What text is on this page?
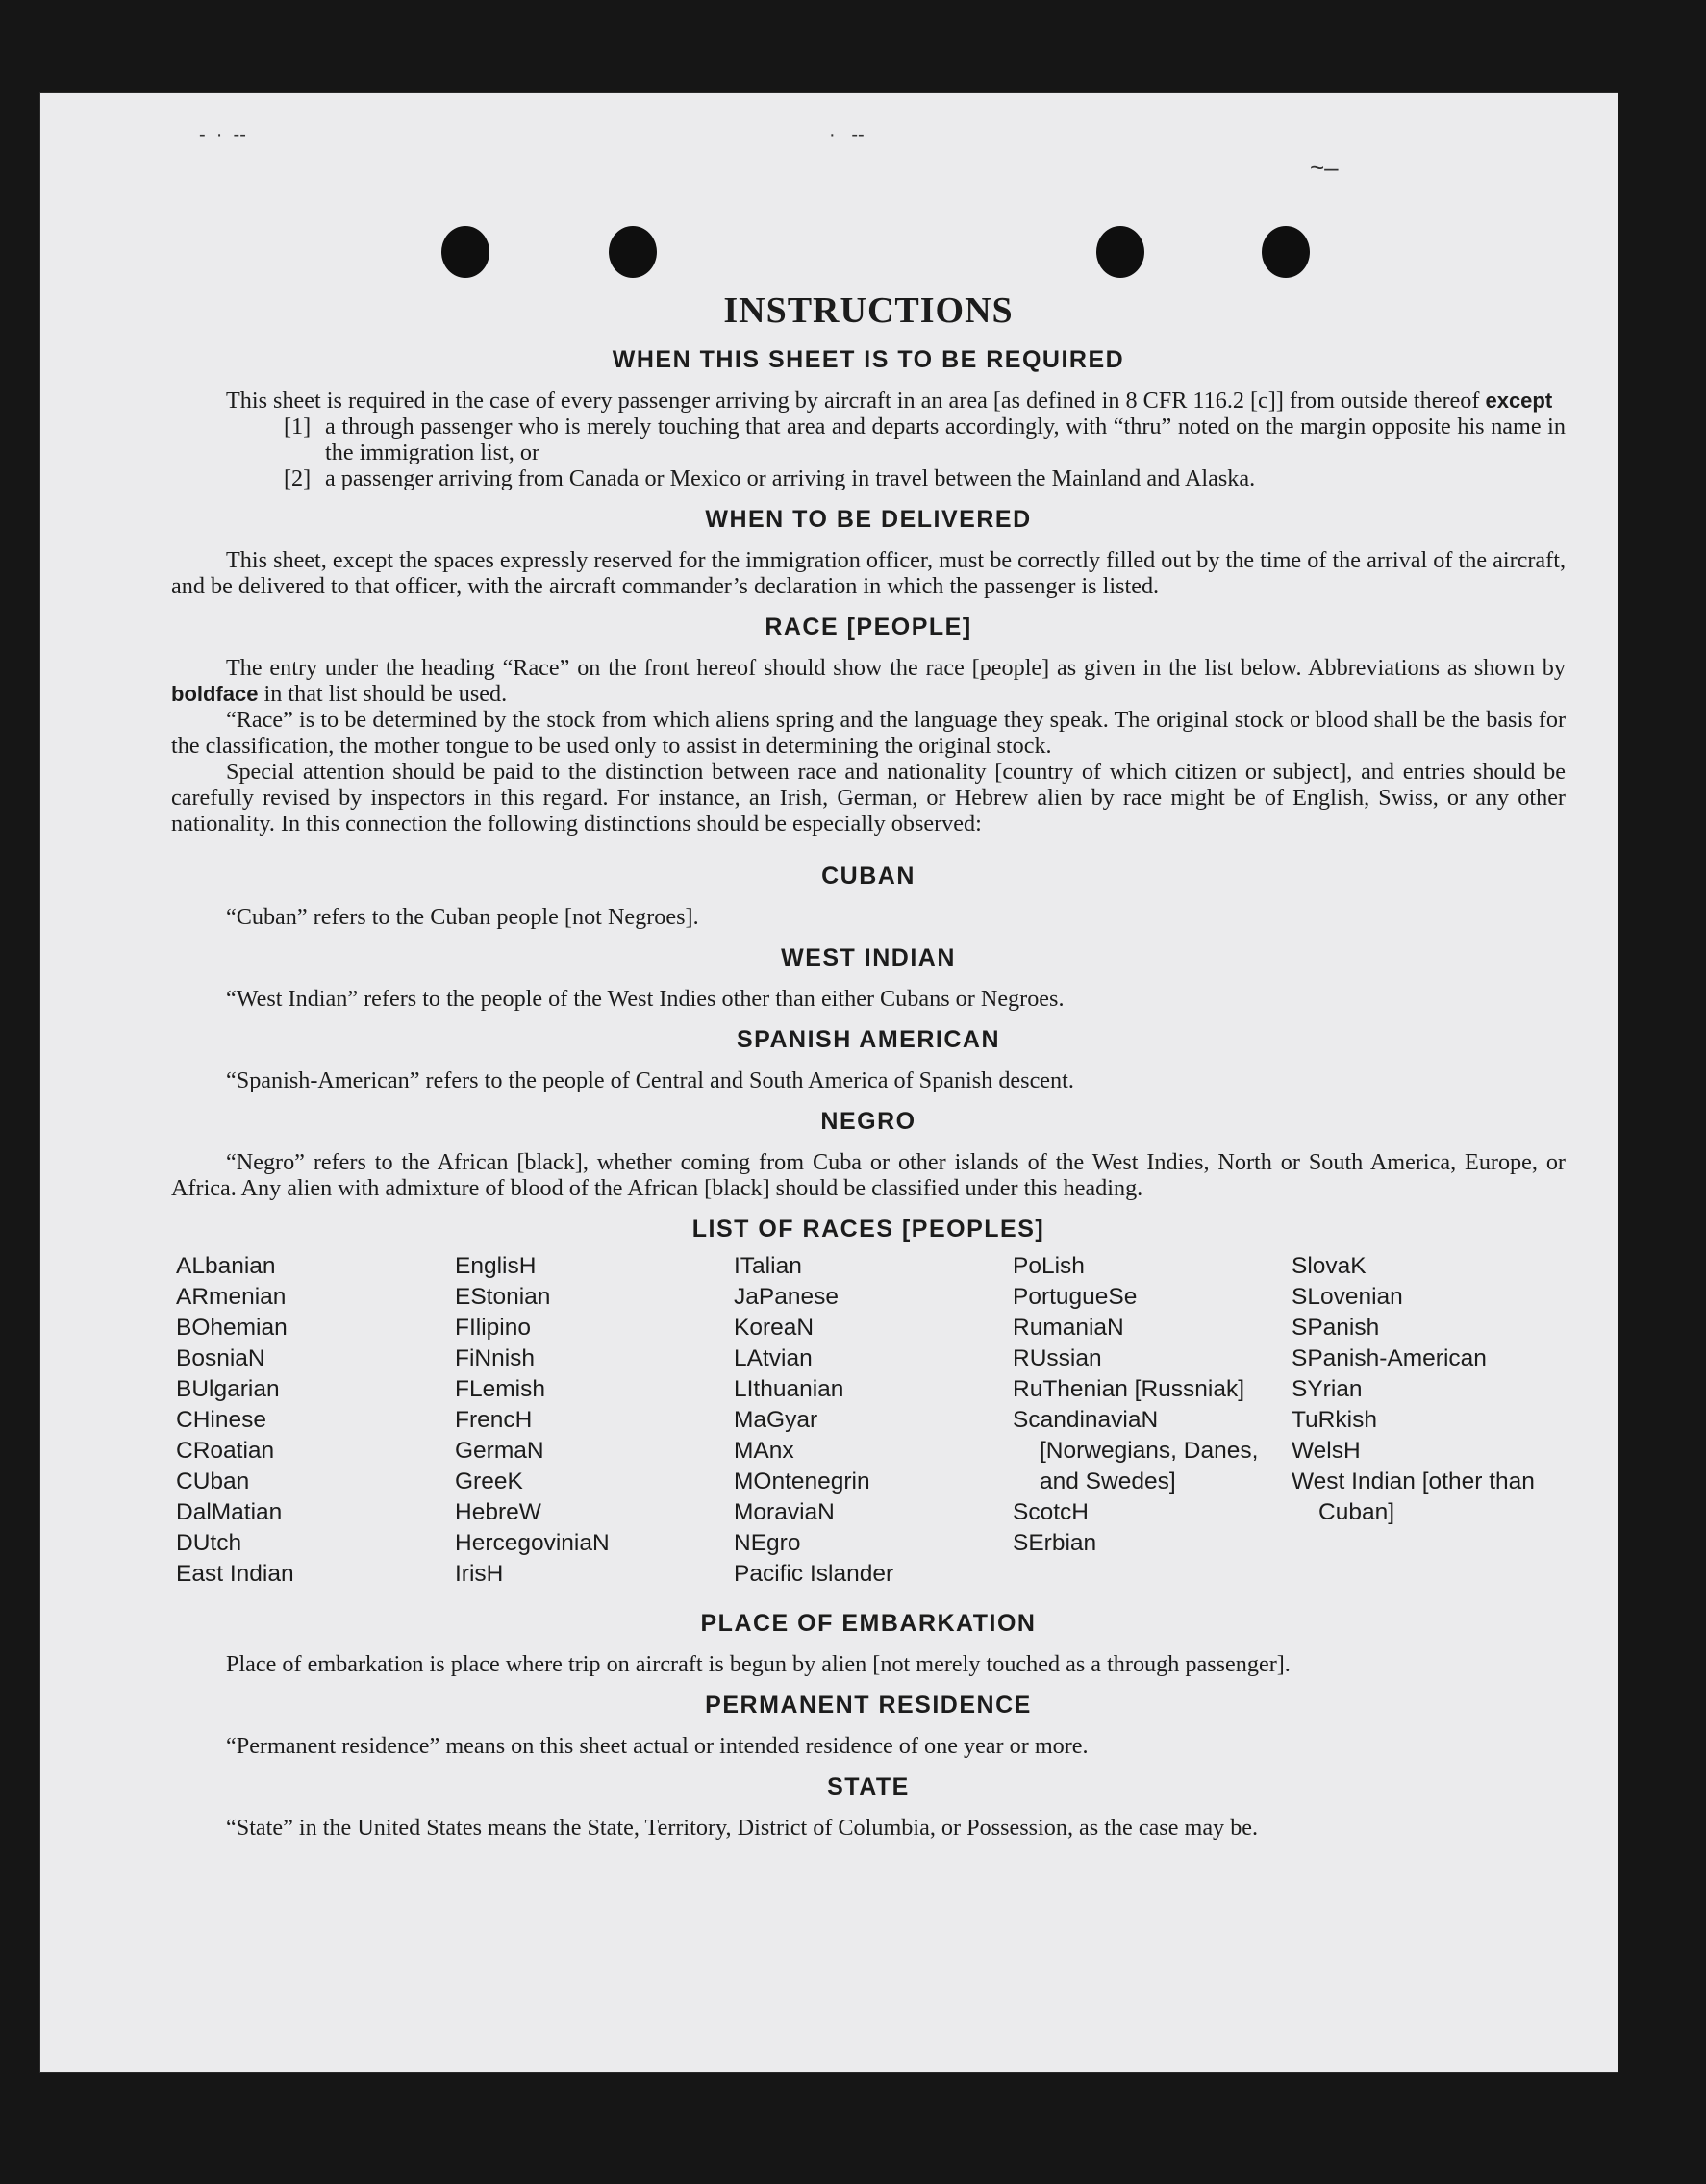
‐  ·  -‐	·   --
~‒
INSTRUCTIONS
WHEN THIS SHEET IS TO BE REQUIRED

This sheet is required in the case of every passenger arriving by aircraft in an area [as defined in 8 CFR 116.2 [c]] from outside thereof except

[1] a through passenger who is merely touching that area and departs accordingly, with “thru” noted on the margin opposite his name in the immigration list, or
[2] a passenger arriving from Canada or Mexico or arriving in travel between the Mainland and Alaska.
WHEN TO BE DELIVERED

This sheet, except the spaces expressly reserved for the immigration officer, must be correctly filled out by the time of the arrival of the aircraft, and be delivered to that officer, with the aircraft commander’s declaration in which the passenger is listed.

RACE [PEOPLE]

The entry under the heading “Race” on the front hereof should show the race [people] as given in the list below. Abbreviations as shown by boldface in that list should be used.

“Race” is to be determined by the stock from which aliens spring and the language they speak. The original stock or blood shall be the basis for the classification, the mother tongue to be used only to assist in determining the original stock.

Special attention should be paid to the distinction between race and nationality [country of which citizen or subject], and entries should be carefully revised by inspectors in this regard. For instance, an Irish, German, or Hebrew alien by race might be of English, Swiss, or any other nationality. In this connection the following distinctions should be especially observed:

CUBAN

“Cuban” refers to the Cuban people [not Negroes].

WEST INDIAN

“West Indian” refers to the people of the West Indies other than either Cubans or Negroes.

SPANISH AMERICAN

“Spanish-American” refers to the people of Central and South America of Spanish descent.

NEGRO

“Negro” refers to the African [black], whether coming from Cuba or other islands of the West Indies, North or South America, Europe, or Africa. Any alien with admixture of blood of the African [black] should be classified under this heading.

LIST OF RACES [PEOPLES]
ALbanian
ARmenian
BOhemian
BosniaN
BUlgarian
CHinese
CRoatian
CUban
DalMatian
DUtch
East Indian
EnglisH
EStonian
FIlipino
FiNnish
FLemish
FrencH
GermaN
GreeK
HebreW
HercegoviniaN
IrisH
ITalian
JaPanese
KoreaN
LAtvian
LIthuanian
MaGyar
MAnx
MOntenegrin
MoraviaN
NEgro
Pacific Islander
PoLish
PortugueSe
RumaniaN
RUssian
RuThenian [Russniak]
ScandinaviaN [Norwegians, Danes, and Swedes]
ScotcH
SErbian
SlovaK
SLovenian
SPanish
SPanish-American
SYrian
TuRkish
WelsH
West Indian [other than Cuban]
PLACE OF EMBARKATION

Place of embarkation is place where trip on aircraft is begun by alien [not merely touched as a through passenger].

PERMANENT RESIDENCE

“Permanent residence” means on this sheet actual or intended residence of one year or more.

STATE

“State” in the United States means the State, Territory, District of Columbia, or Possession, as the case may be.
